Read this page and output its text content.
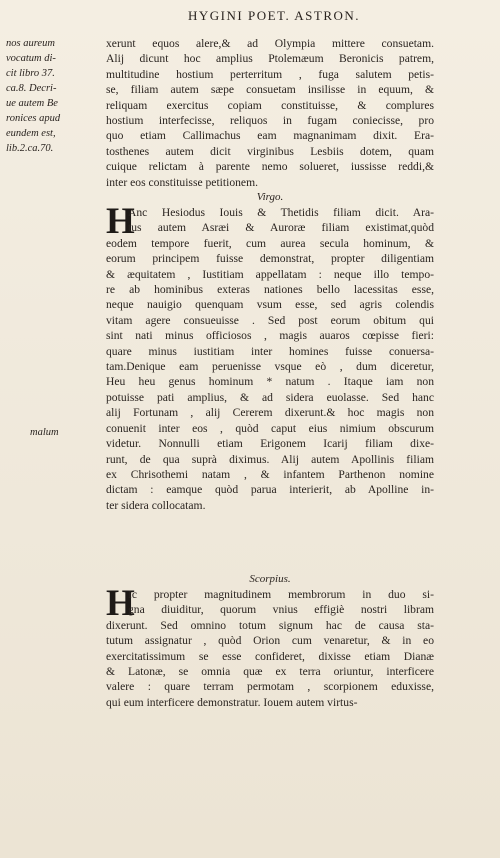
HYGINI POET. ASTRON.
nos aureum
vocatum di-
cit libro 37.
ca.8. Decri-
ue autem Be
ronices apud
eundem est,
lib.2.ca.70.
malum
xerunt equos alere,& ad Olympia mittere consuetam.
Alij dicunt hoc amplius Ptolemæum Beronicis patrem,
multitudine hostium perterritum , fuga salutem petis-
se, filiam autem sæpe consuetam insilisse in equum, &
reliquam exercitus copiam constituisse, & complures
hostium interfecisse, reliquos in fugam coniecisse, pro
quo etiam Callimachus eam magnanimam dixit. Era-
tosthenes autem dicit virginibus Lesbiis dotem, quam
cuique relictam à parente nemo solueret, iussisse reddi,&
inter eos constituisse petitionem.
Virgo.
H
Anc Hesiodus Iouis & Thetidis filiam dicit. Ara-
tus autem Asræi & Auroræ filiam existimat,quòd
eodem tempore fuerit, cum aurea secula hominum, &
eorum principem fuisse demonstrat, propter diligentiam
& æquitatem , Iustitiam appellatam : neque illo tempo-
re ab hominibus exteras nationes bello lacessitas esse,
neque nauigio quenquam vsum esse, sed agris colendis
vitam agere consueuisse . Sed post eorum obitum qui
sint nati minus officiosos , magis auaros cœpisse fieri:
quare minus iustitiam inter homines fuisse conuersa-
tam.Denique eam peruenisse vsque eò , dum diceretur,
Heu heu genus hominum * natum . Itaque iam non
potuisse pati amplius, & ad sidera euolasse. Sed hanc
alij Fortunam , alij Cererem dixerunt.& hoc magis non
conuenit inter eos , quòd caput eius nimium obscurum
videtur. Nonnulli etiam Erigonem Icarij filiam dixe-
runt, de qua suprà diximus. Alij autem Apollinis filiam
ex Chrisothemi natam , & infantem Parthenon nomine
dictam : eamque quòd parua interierit, ab Apolline in-
ter sidera collocatam.
Scorpius.
H
Ic propter magnitudinem membrorum in duo si-
gna diuiditur, quorum vnius effigiè nostri libram
dixerunt. Sed omnino totum signum hac de causa sta-
tutum assignatur , quòd Orion cum venaretur, & in eo
exercitatissimum se esse confideret, dixisse etiam Dianæ
& Latonæ, se omnia quæ ex terra oriuntur, interficere
valere : quare terram permotam , scorpionem eduxisse,
qui eum interficere demonstratur. Iouem autem virtus-
